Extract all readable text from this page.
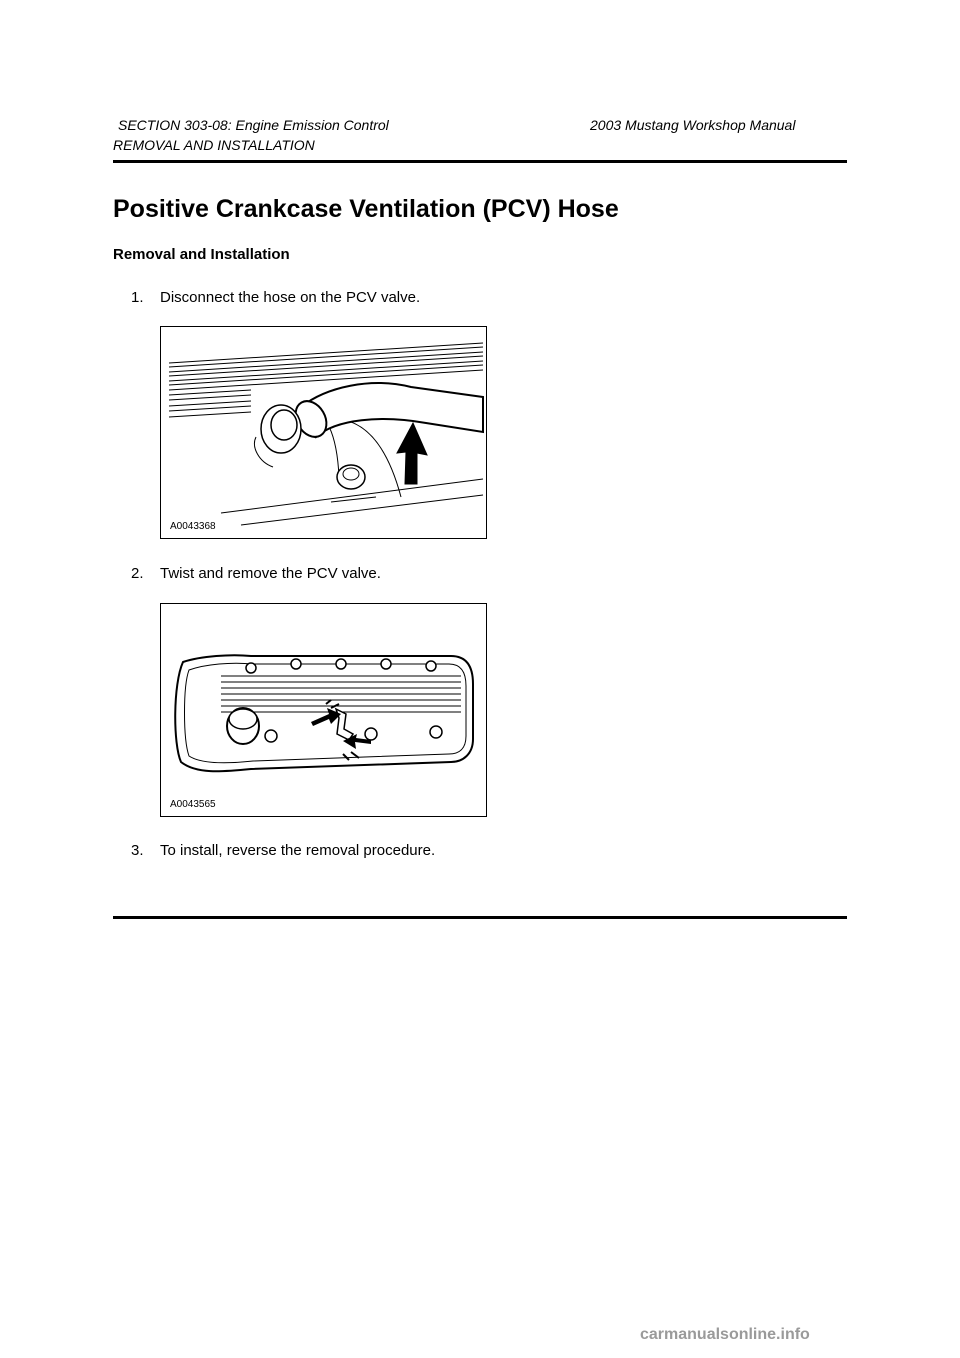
SECTION 303-08: Engine Emission Control	2003 Mustang Workshop Manual
REMOVAL AND INSTALLATION
Positive Crankcase Ventilation (PCV) Hose
Removal and Installation
1. Disconnect the hose on the PCV valve.
A0043368
2. Twist and remove the PCV valve.
A0043565
3. To install, reverse the removal procedure.
carmanualsonline.info
